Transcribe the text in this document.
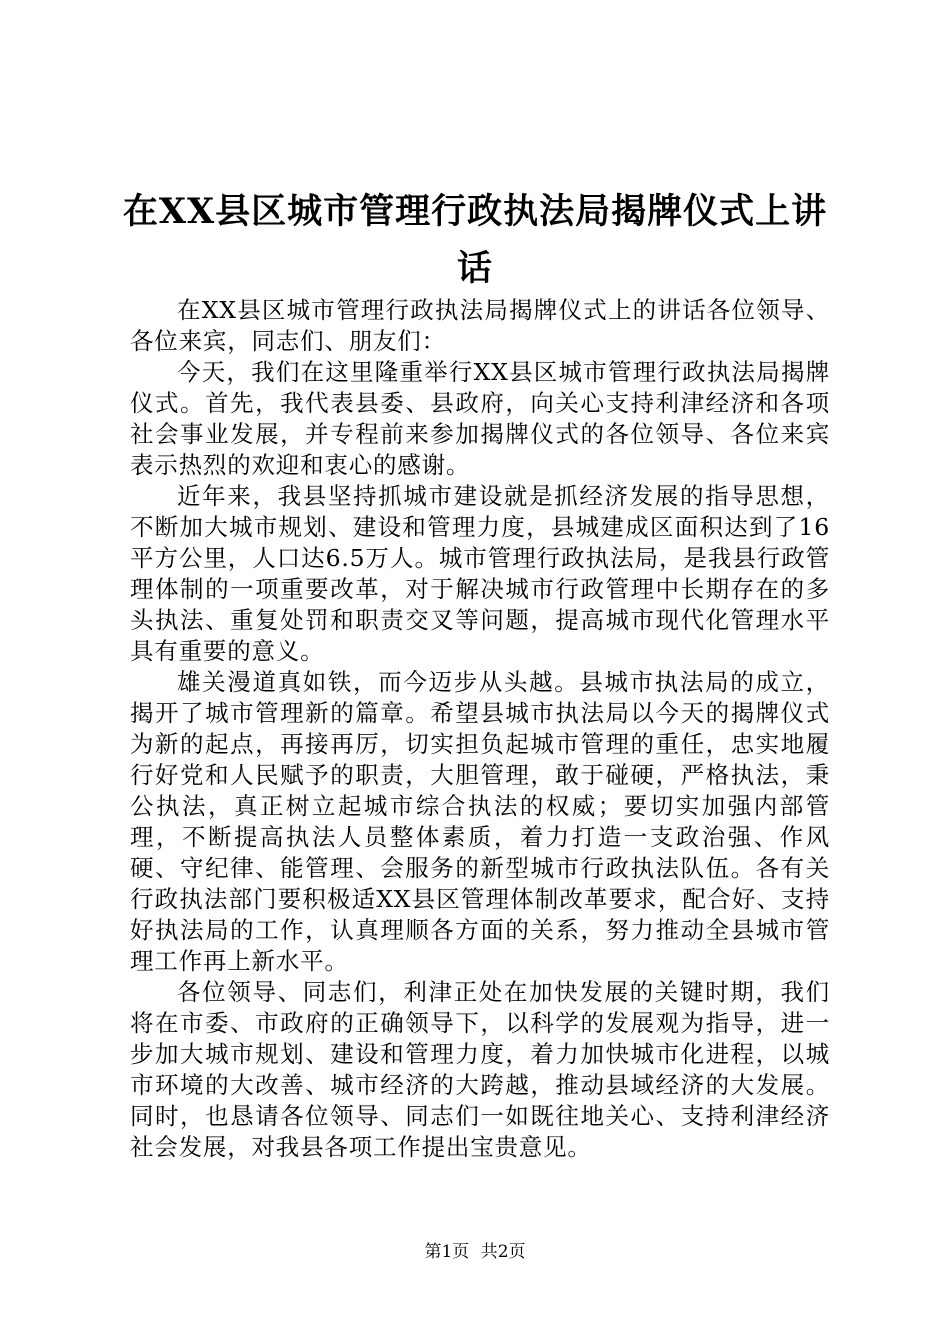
在XX县区城市管理行政执法局揭牌仪式上讲话

在XX县区城市管理行政执法局揭牌仪式上的讲话各位领导、各位来宾，同志们、朋友们：

今天，我们在这里隆重举行XX县区城市管理行政执法局揭牌仪式。首先，我代表县委、县政府，向关心支持利津经济和各项社会事业发展，并专程前来参加揭牌仪式的各位领导、各位来宾表示热烈的欢迎和衷心的感谢。

近年来，我县坚持抓城市建设就是抓经济发展的指导思想，不断加大城市规划、建设和管理力度，县城建成区面积达到了16平方公里，人口达6.5万人。城市管理行政执法局，是我县行政管理体制的一项重要改革，对于解决城市行政管理中长期存在的多头执法、重复处罚和职责交叉等问题，提高城市现代化管理水平具有重要的意义。

雄关漫道真如铁，而今迈步从头越。县城市执法局的成立，揭开了城市管理新的篇章。希望县城市执法局以今天的揭牌仪式为新的起点，再接再厉，切实担负起城市管理的重任，忠实地履行好党和人民赋予的职责，大胆管理，敢于碰硬，严格执法，秉公执法，真正树立起城市综合执法的权威；要切实加强内部管理，不断提高执法人员整体素质，着力打造一支政治强、作风硬、守纪律、能管理、会服务的新型城市行政执法队伍。各有关行政执法部门要积极适XX县区管理体制改革要求，配合好、支持好执法局的工作，认真理顺各方面的关系，努力推动全县城市管理工作再上新水平。

各位领导、同志们，利津正处在加快发展的关键时期，我们将在市委、市政府的正确领导下，以科学的发展观为指导，进一步加大城市规划、建设和管理力度，着力加快城市化进程，以城市环境的大改善、城市经济的大跨越，推动县域经济的大发展。同时，也恳请各位领导、同志们一如既往地关心、支持利津经济社会发展，对我县各项工作提出宝贵意见。

第1页 共2页
